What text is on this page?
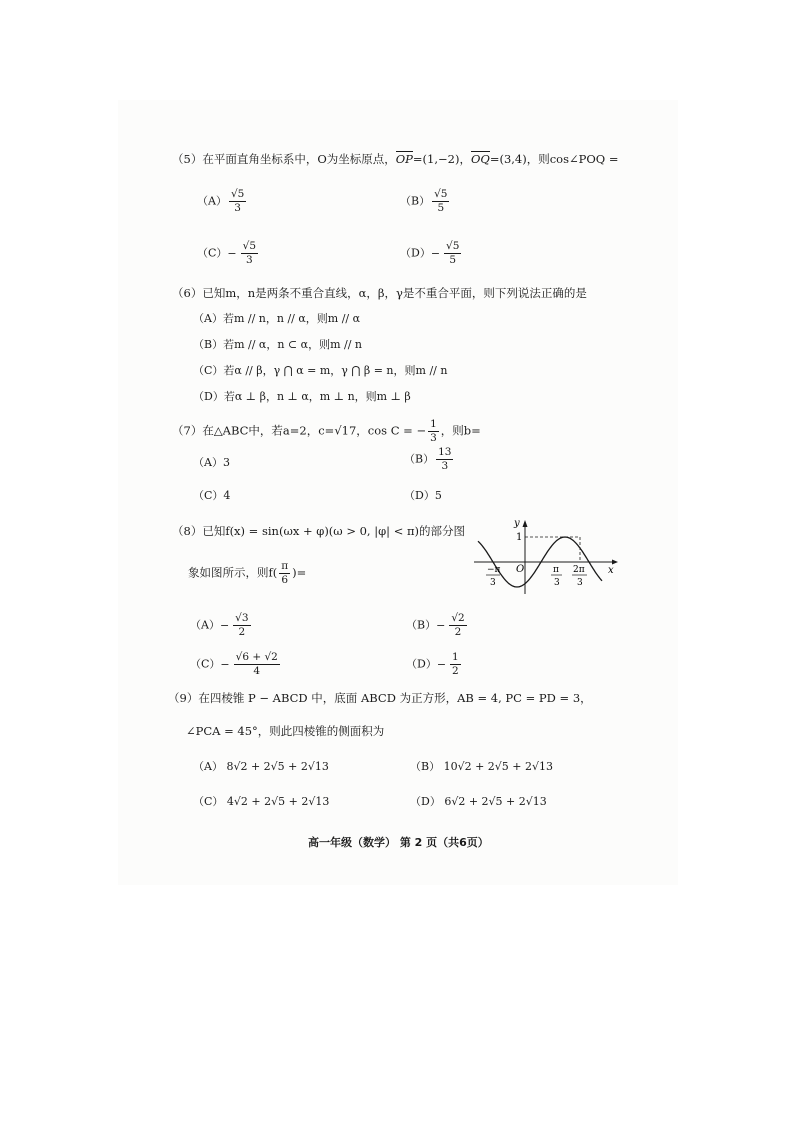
（5）在平面直角坐标系中，O为坐标原点，OP=(1,−2)，OQ=(3,4)，则cos∠POQ =
$(A) \frac{√5}{3}$	$(B) \frac{√5}{5}$
$(C)- \frac{√5}{3}$	$(D)- \frac{√5}{5}$
（6）已知m，n是两条不重合直线，α，β，γ是不重合平面，则下列说法正确的是
（A）若m // n，n // α，则m // α
（B）若m // α，n ⊂ α，则m // n
（C）若α // β，γ ⋂ α = m，γ ⋂ β = n，则m // n
（D）若α ⊥ β，n ⊥ α，m ⊥ n，则m ⊥ β
（7）在△ABC中，若a=2，c=√17，cos C = − $\frac{1}{3}$ ，则b=
（A）3	$(B) \frac{13}{3}$
（C）4	（D）5
（8）已知f(x) = sin(ωx + φ)(ω > 0, |φ| < π)的部分图
象如图所示，则$f( \frac{\pi}{6}$ )=
y
x
1
O
−π
3
π
3
2π
3
$(A)- \frac{√3}{2}$	$(B)- \frac{√2}{2}$
$(C)- \frac{√6 + √2}{4}$	$(D)- \frac{1}{2}$
（9）在四棱锥 P − ABCD 中，底面 ABCD 为正方形，AB = 4, PC = PD = 3，
∠PCA = 45°，则此四棱锥的侧面积为
（A） 8√2 + 2√5 + 2√13	（B） 10√2 + 2√5 + 2√13
（C） 4√2 + 2√5 + 2√13	（D） 6√2 + 2√5 + 2√13
高一年级（数学） 第 2 页（共6页）
